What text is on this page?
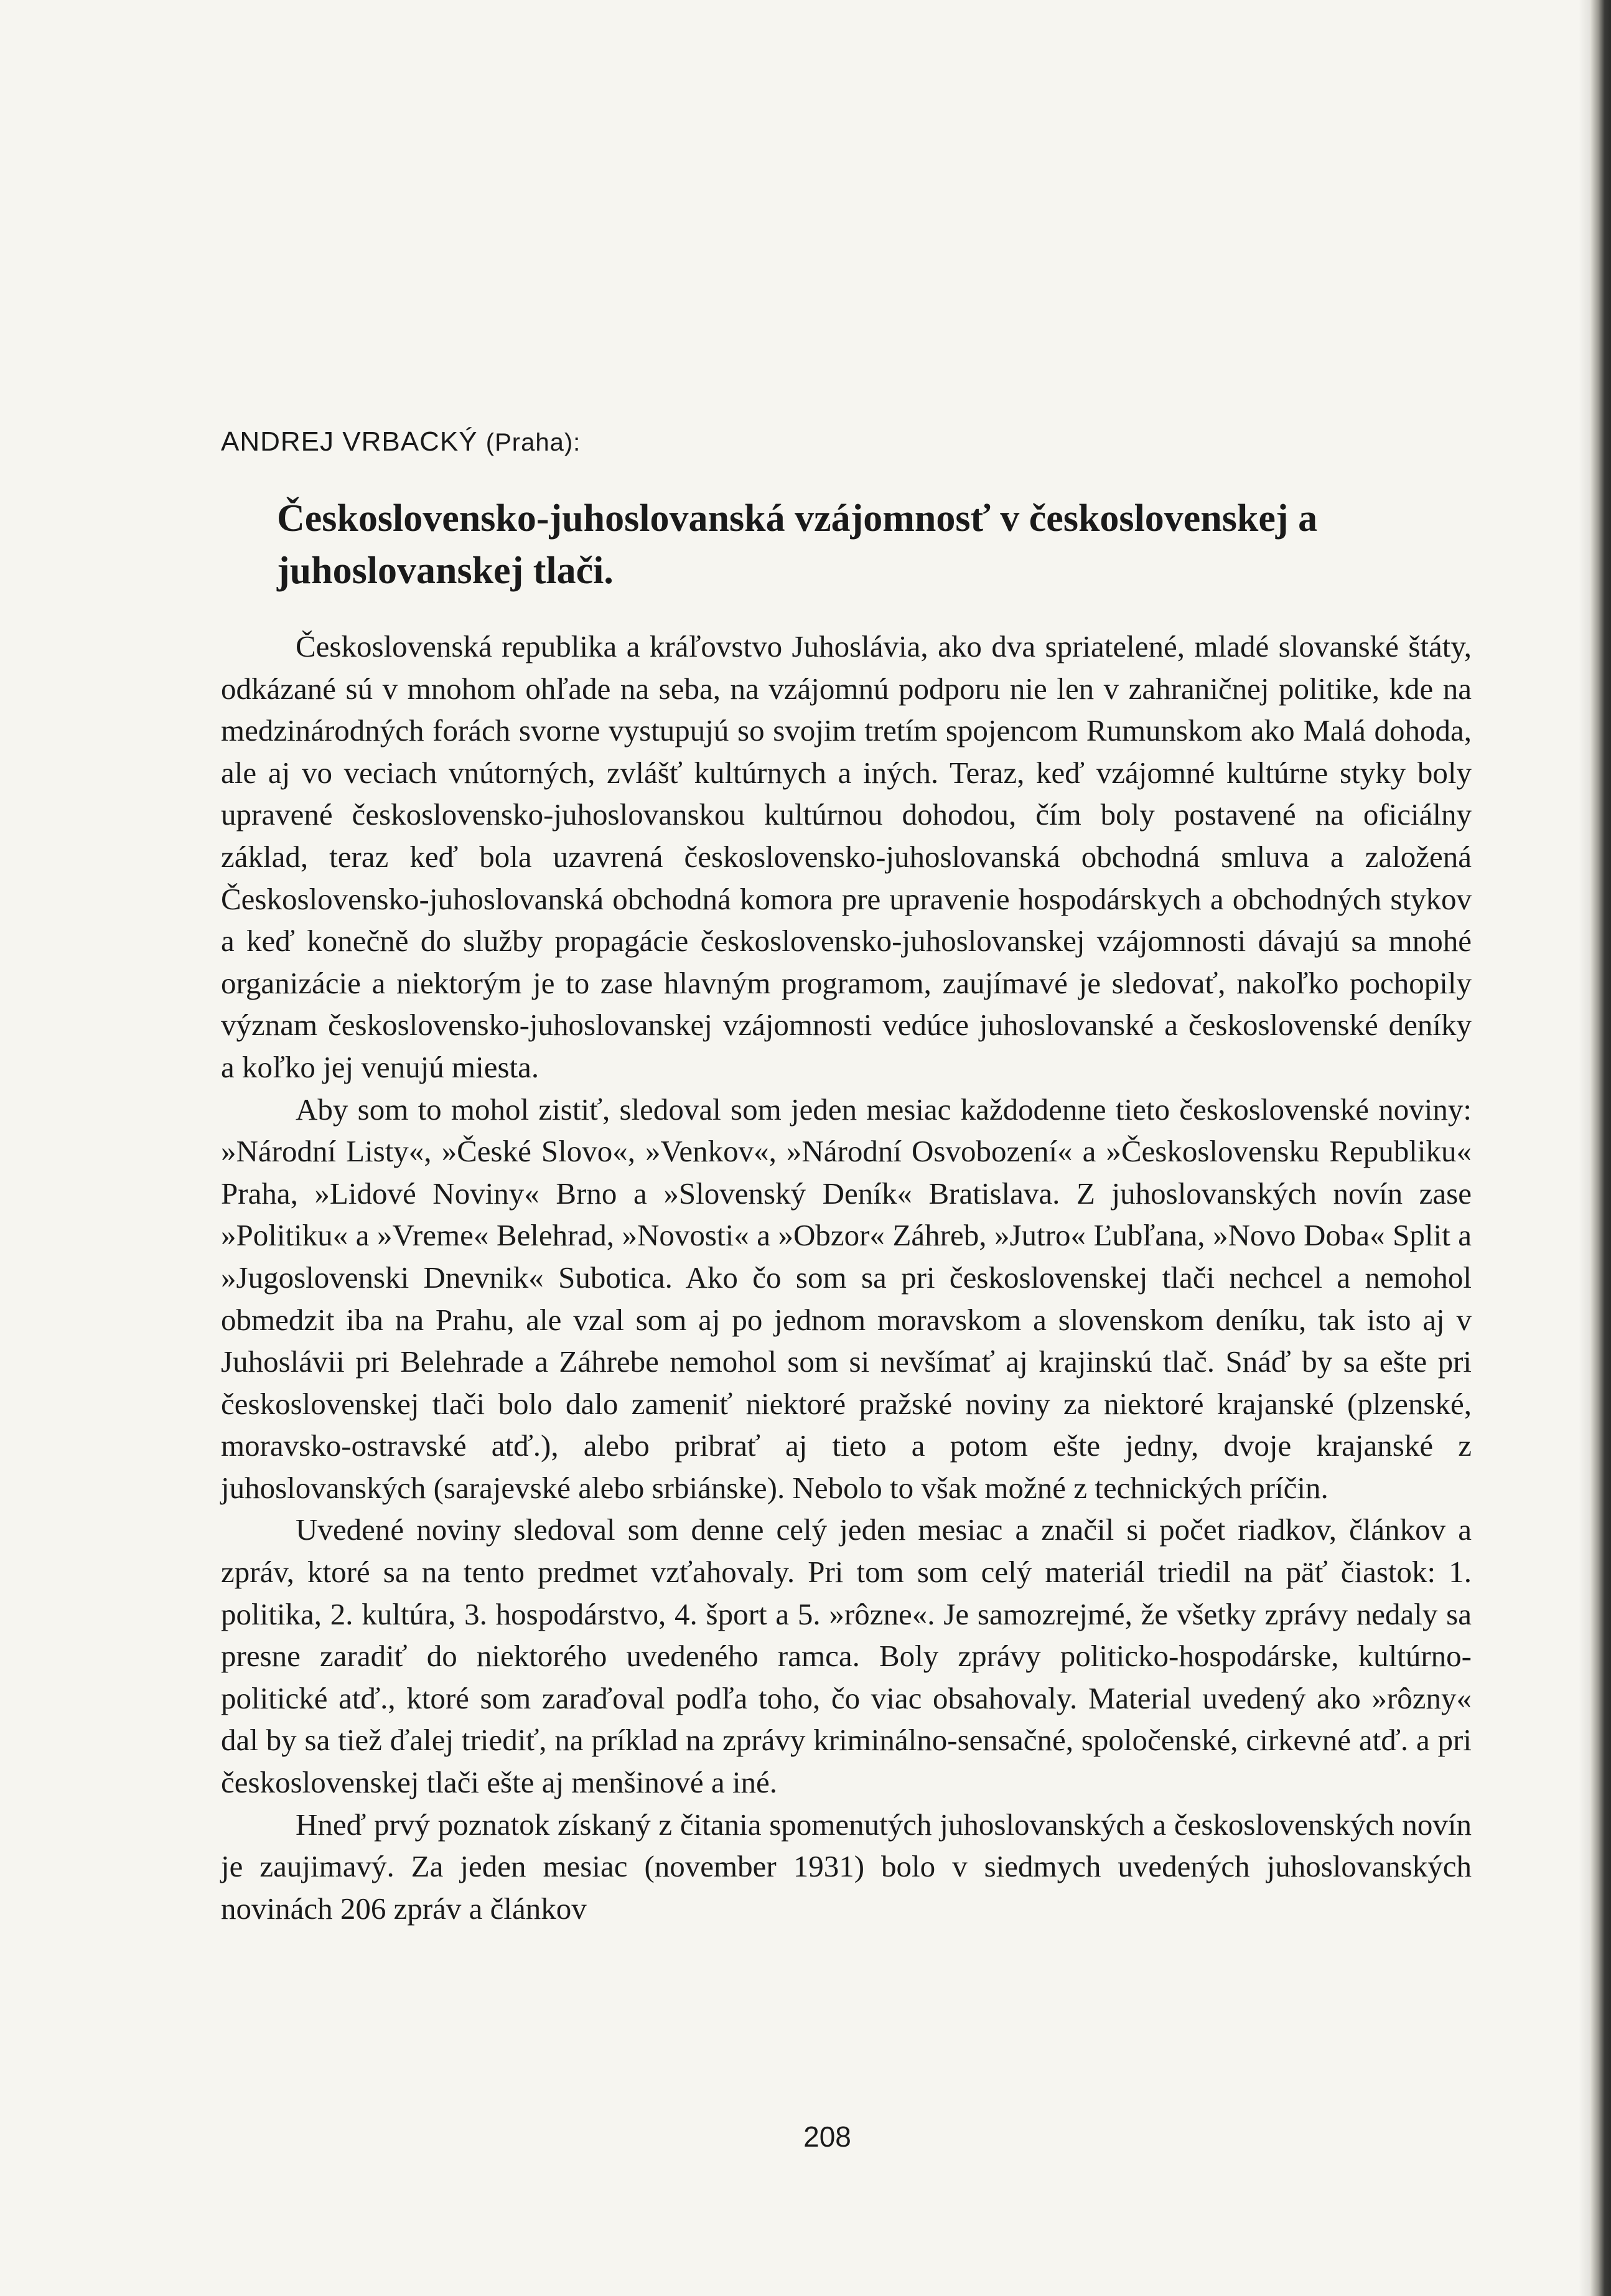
ANDREJ VRBACKÝ (Praha):
Československo-juhoslovanská vzájomnosť v československej a juhoslovanskej tlači.

Československá republika a kráľovstvo Juhoslávia, ako dva spriatelené, mladé slovanské štáty, odkázané sú v mnohom ohľade na seba, na vzájomnú podporu nie len v zahraničnej politike, kde na medzinárodných forách svorne vystupujú so svojim tretím spojencom Rumunskom ako Malá dohoda, ale aj vo veciach vnútorných, zvlášť kultúrnych a iných. Teraz, keď vzájomné kultúrne styky boly upravené československo-juhoslovanskou kultúrnou dohodou, čím boly postavené na oficiálny základ, teraz keď bola uzavrená československo-juhoslovanská obchodná smluva a založená Československo-juhoslovanská obchodná komora pre upravenie hospodárskych a obchodných stykov a keď konečně do služby propagácie československo-juhoslovanskej vzájomnosti dávajú sa mnohé organizácie a niektorým je to zase hlavným programom, zaujímavé je sledovať, nakoľko pochopily význam československo-juhoslovanskej vzájomnosti vedúce juhoslovanské a československé deníky a koľko jej venujú miesta.

Aby som to mohol zistiť, sledoval som jeden mesiac každodenne tieto československé noviny: »Národní Listy«, »České Slovo«, »Venkov«, »Národní Osvobození« a »Československu Republiku« Praha, »Lidové Noviny« Brno a »Slovenský Deník« Bratislava. Z juhoslovanských novín zase »Politiku« a »Vreme« Belehrad, »Novosti« a »Obzor« Záhreb, »Jutro« Ľubľana, »Novo Doba« Split a »Jugoslovenski Dnevnik« Subotica. Ako čo som sa pri československej tlači nechcel a nemohol obmedzit iba na Prahu, ale vzal som aj po jednom moravskom a slovenskom deníku, tak isto aj v Juhoslávii pri Belehrade a Záhrebe nemohol som si nevšímať aj krajinskú tlač. Snáď by sa ešte pri československej tlači bolo dalo zameniť niektoré pražské noviny za niektoré krajanské (plzenské, moravsko-ostravské atď.), alebo pribrať aj tieto a potom ešte jedny, dvoje krajanské z juhoslovanských (sarajevské alebo srbiánske). Nebolo to však možné z technických príčin.

Uvedené noviny sledoval som denne celý jeden mesiac a značil si počet riadkov, článkov a zpráv, ktoré sa na tento predmet vzťahovaly. Pri tom som celý materiál triedil na päť čiastok: 1. politika, 2. kultúra, 3. hospodárstvo, 4. šport a 5. »rôzne«. Je samozrejmé, že všetky zprávy nedaly sa presne zaradiť do niektorého uvedeného ramca. Boly zprávy politicko-hospodárske, kultúrno-politické atď., ktoré som zaraďoval podľa toho, čo viac obsahovaly. Material uvedený ako »rôzny« dal by sa tiež ďalej triediť, na príklad na zprávy kriminálno-sensačné, spoločenské, cirkevné atď. a pri československej tlači ešte aj menšinové a iné.

Hneď prvý poznatok získaný z čitania spomenutých juhoslovanských a československých novín je zaujimavý. Za jeden mesiac (november 1931) bolo v siedmych uvedených juhoslovanských novinách 206 zpráv a článkov

208
